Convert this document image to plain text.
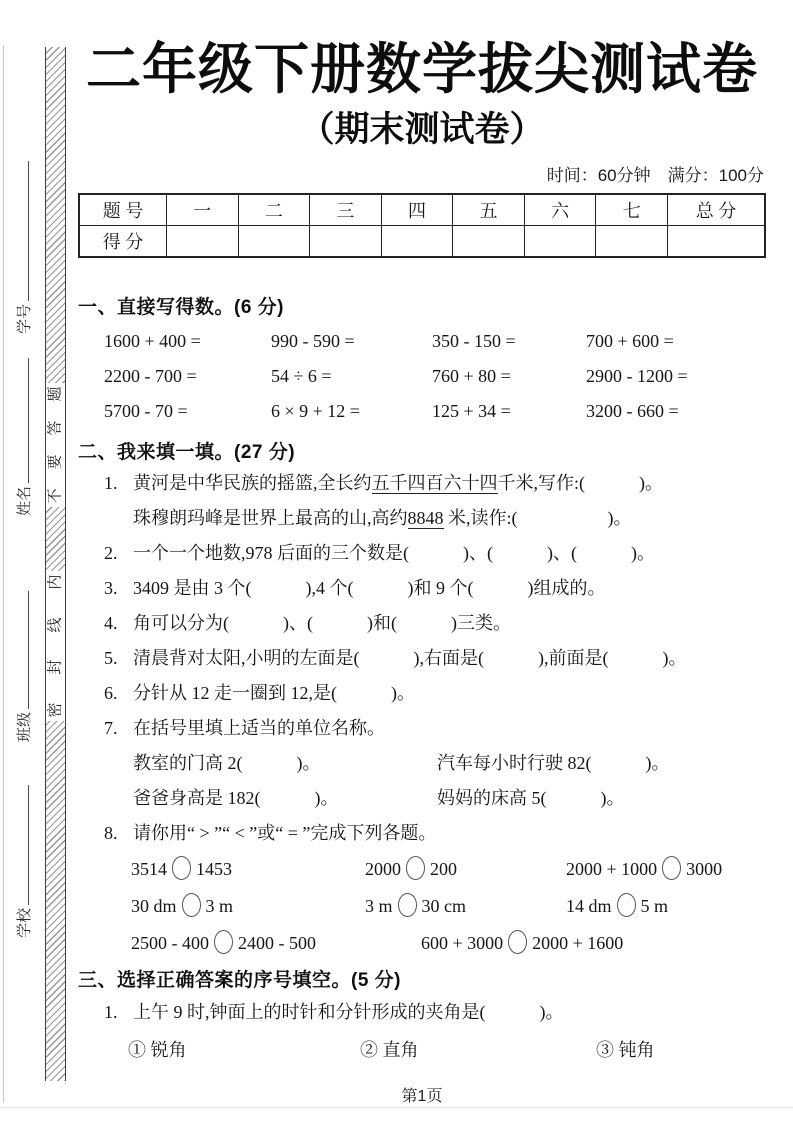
题
答
要
不
内
线
封
密
学号
姓名
班级
学校
二年级下册数学拔尖测试卷
（期末测试卷）
时间：60分钟　满分：100分
题 号	一	二	三	四	五	六	七	总 分
得 分								
一、直接写得数。(6 分)
1600 + 400 =	990 - 590 =	350 - 150 =	700 + 600 =
2200 - 700 =	54 ÷ 6 =	760 + 80 =	2900 - 1200 =
5700 - 70 =	6 × 9 + 12 =	125 + 34 =	3200 - 660 =
二、我来填一填。(27 分)
1. 黄河是中华民族的摇篮,全长约五千四百六十四千米,写作:(　　　)。
珠穆朗玛峰是世界上最高的山,高约8848 米,读作:(　　　　　)。
2. 一个一个地数,978 后面的三个数是(　　　)、(　　　)、(　　　)。
3. 3409 是由 3 个(　　　),4 个(　　　)和 9 个(　　　)组成的。
4. 角可以分为(　　　)、(　　　)和(　　　)三类。
5. 清晨背对太阳,小明的左面是(　　　),右面是(　　　),前面是(　　　)。
6. 分针从 12 走一圈到 12,是(　　　)。
7. 在括号里填上适当的单位名称。
教室的门高 2(　　　)。	汽车每小时行驶 82(　　　)。
爸爸身高是 182(　　　)。	妈妈的床高 5(　　　)。
8. 请你用“ > ”“ < ”或“ = ”完成下列各题。
3514 1453	2000 200	2000 + 1000 3000
30 dm 3 m	3 m 30 cm	14 dm 5 m
2500 - 400 2400 - 500	600 + 3000 2000 + 1600
三、选择正确答案的序号填空。(5 分)
1. 上午 9 时,钟面上的时针和分针形成的夹角是(　　　)。
① 锐角	② 直角	③ 钝角
第1页
